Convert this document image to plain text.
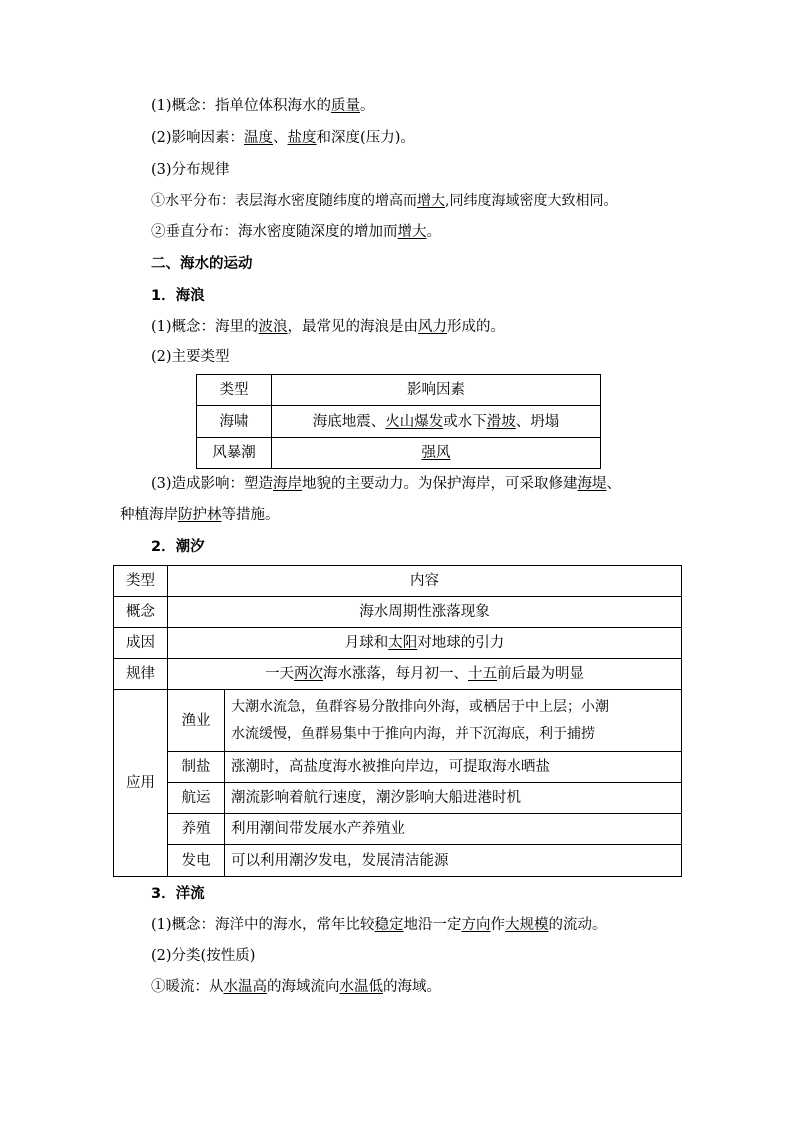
(1)概念：指单位体积海水的质量。
(2)影响因素：温度、盐度和深度(压力)。
(3)分布规律
①水平分布：表层海水密度随纬度的增高而增大,同纬度海域密度大致相同。
②垂直分布：海水密度随深度的增加而增大。
二、海水的运动
1．海浪
(1)概念：海里的波浪，最常见的海浪是由风力形成的。
(2)主要类型
类型	影响因素
海啸	海底地震、火山爆发或水下滑坡、坍塌
风暴潮	强风
(3)造成影响：塑造海岸地貌的主要动力。为保护海岸，可采取修建海堤、
种植海岸防护林等措施。
2．潮汐
类型	内容	
概念	海水周期性涨落现象	
成因	月球和太阳对地球的引力	
规律	一天两次海水涨落，每月初一、十五前后最为明显	
应用	渔业	大潮水流急，鱼群容易分散排向外海，或栖居于中上层；小潮
水流缓慢，鱼群易集中于推向内海，并下沉海底，利于捕捞
	制盐	涨潮时，高盐度海水被推向岸边，可提取海水晒盐
	航运	潮流影响着航行速度，潮汐影响大船进港时机
	养殖	利用潮间带发展水产养殖业
	发电	可以利用潮汐发电，发展清洁能源
3．洋流
(1)概念：海洋中的海水，常年比较稳定地沿一定方向作大规模的流动。
(2)分类(按性质)
①暖流：从水温高的海域流向水温低的海域。
